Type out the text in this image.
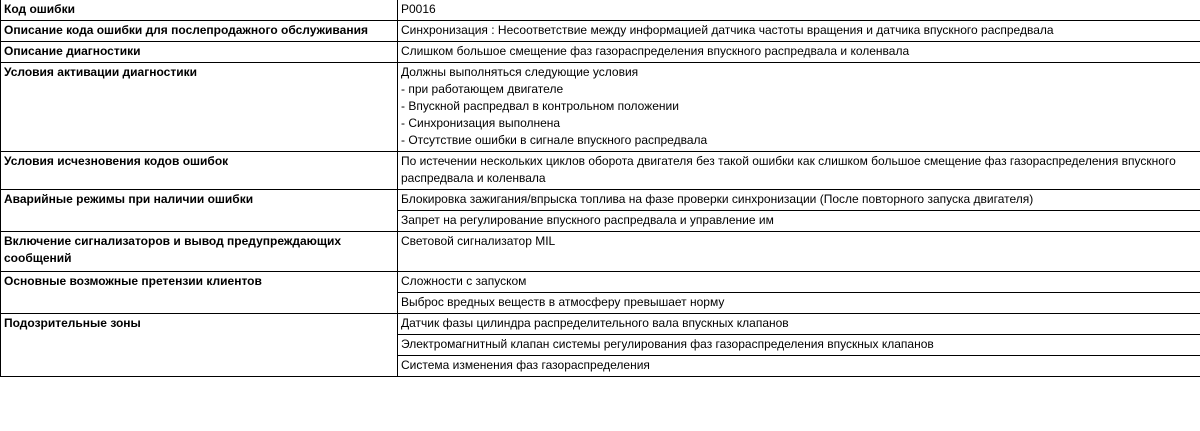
Код ошибки	P0016
Описание кода ошибки для послепродажного обслуживания	Синхронизация : Несоответствие между информацией датчика частоты вращения и датчика впускного распредвала
Описание диагностики	Слишком большое смещение фаз газораспределения впускного распредвала и коленвала
Условия активации диагностики	Должны выполняться следующие условия
- при работающем двигателе
- Впускной распредвал в контрольном положении
- Синхронизация выполнена
- Отсутствие ошибки в сигнале впускного распредвала

Условия исчезновения кодов ошибок	По истечении нескольких циклов оборота двигателя без такой ошибки как слишком большое смещение фаз газораспределения впускного распредвала и коленвала
Аварийные режимы при наличии ошибки	Блокировка зажигания/впрыска топлива на фазе проверки синхронизации (После повторного запуска двигателя)
	Запрет на регулирование впускного распредвала и управление им
Включение сигнализаторов и вывод предупреждающих сообщений	Световой сигнализатор MIL
Основные возможные претензии клиентов	Сложности с запуском
	Выброс вредных веществ в атмосферу превышает норму
Подозрительные зоны	Датчик фазы цилиндра распределительного вала впускных клапанов
	Электромагнитный клапан системы регулирования фаз газораспределения впускных клапанов
	Система изменения фаз газораспределения
